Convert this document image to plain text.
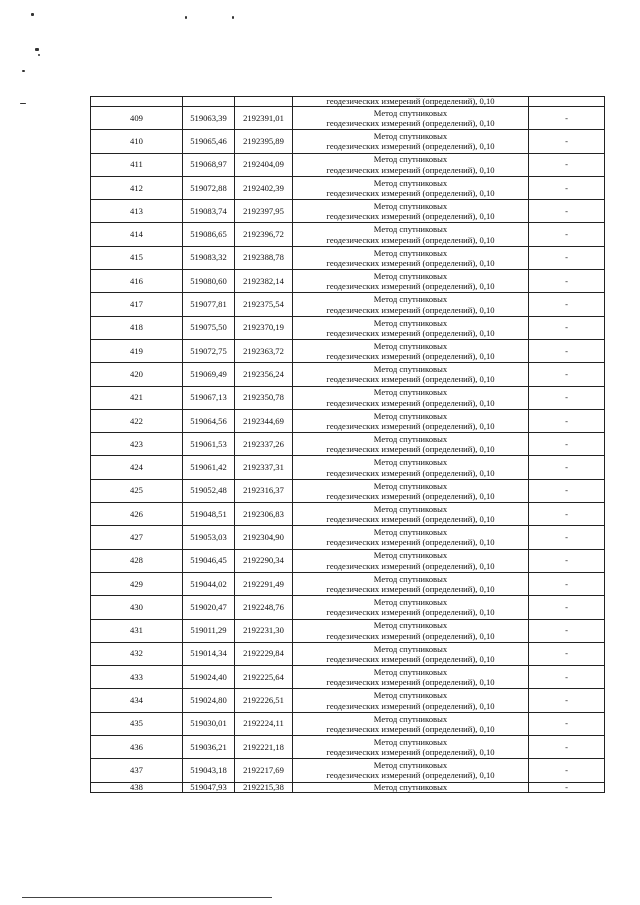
			геодезических измерений (определений), 0,10	
409	519063,39	2192391,01	Метод спутниковых
геодезических измерений (определений), 0,10	-
410	519065,46	2192395,89	Метод спутниковых
геодезических измерений (определений), 0,10	-
411	519068,97	2192404,09	Метод спутниковых
геодезических измерений (определений), 0,10	-
412	519072,88	2192402,39	Метод спутниковых
геодезических измерений (определений), 0,10	-
413	519083,74	2192397,95	Метод спутниковых
геодезических измерений (определений), 0,10	-
414	519086,65	2192396,72	Метод спутниковых
геодезических измерений (определений), 0,10	-
415	519083,32	2192388,78	Метод спутниковых
геодезических измерений (определений), 0,10	-
416	519080,60	2192382,14	Метод спутниковых
геодезических измерений (определений), 0,10	-
417	519077,81	2192375,54	Метод спутниковых
геодезических измерений (определений), 0,10	-
418	519075,50	2192370,19	Метод спутниковых
геодезических измерений (определений), 0,10	-
419	519072,75	2192363,72	Метод спутниковых
геодезических измерений (определений), 0,10	-
420	519069,49	2192356,24	Метод спутниковых
геодезических измерений (определений), 0,10	-
421	519067,13	2192350,78	Метод спутниковых
геодезических измерений (определений), 0,10	-
422	519064,56	2192344,69	Метод спутниковых
геодезических измерений (определений), 0,10	-
423	519061,53	2192337,26	Метод спутниковых
геодезических измерений (определений), 0,10	-
424	519061,42	2192337,31	Метод спутниковых
геодезических измерений (определений), 0,10	-
425	519052,48	2192316,37	Метод спутниковых
геодезических измерений (определений), 0,10	-
426	519048,51	2192306,83	Метод спутниковых
геодезических измерений (определений), 0,10	-
427	519053,03	2192304,90	Метод спутниковых
геодезических измерений (определений), 0,10	-
428	519046,45	2192290,34	Метод спутниковых
геодезических измерений (определений), 0,10	-
429	519044,02	2192291,49	Метод спутниковых
геодезических измерений (определений), 0,10	-
430	519020,47	2192248,76	Метод спутниковых
геодезических измерений (определений), 0,10	-
431	519011,29	2192231,30	Метод спутниковых
геодезических измерений (определений), 0,10	-
432	519014,34	2192229,84	Метод спутниковых
геодезических измерений (определений), 0,10	-
433	519024,40	2192225,64	Метод спутниковых
геодезических измерений (определений), 0,10	-
434	519024,80	2192226,51	Метод спутниковых
геодезических измерений (определений), 0,10	-
435	519030,01	2192224,11	Метод спутниковых
геодезических измерений (определений), 0,10	-
436	519036,21	2192221,18	Метод спутниковых
геодезических измерений (определений), 0,10	-
437	519043,18	2192217,69	Метод спутниковых
геодезических измерений (определений), 0,10	-
438	519047,93	2192215,38	Метод спутниковых	-
